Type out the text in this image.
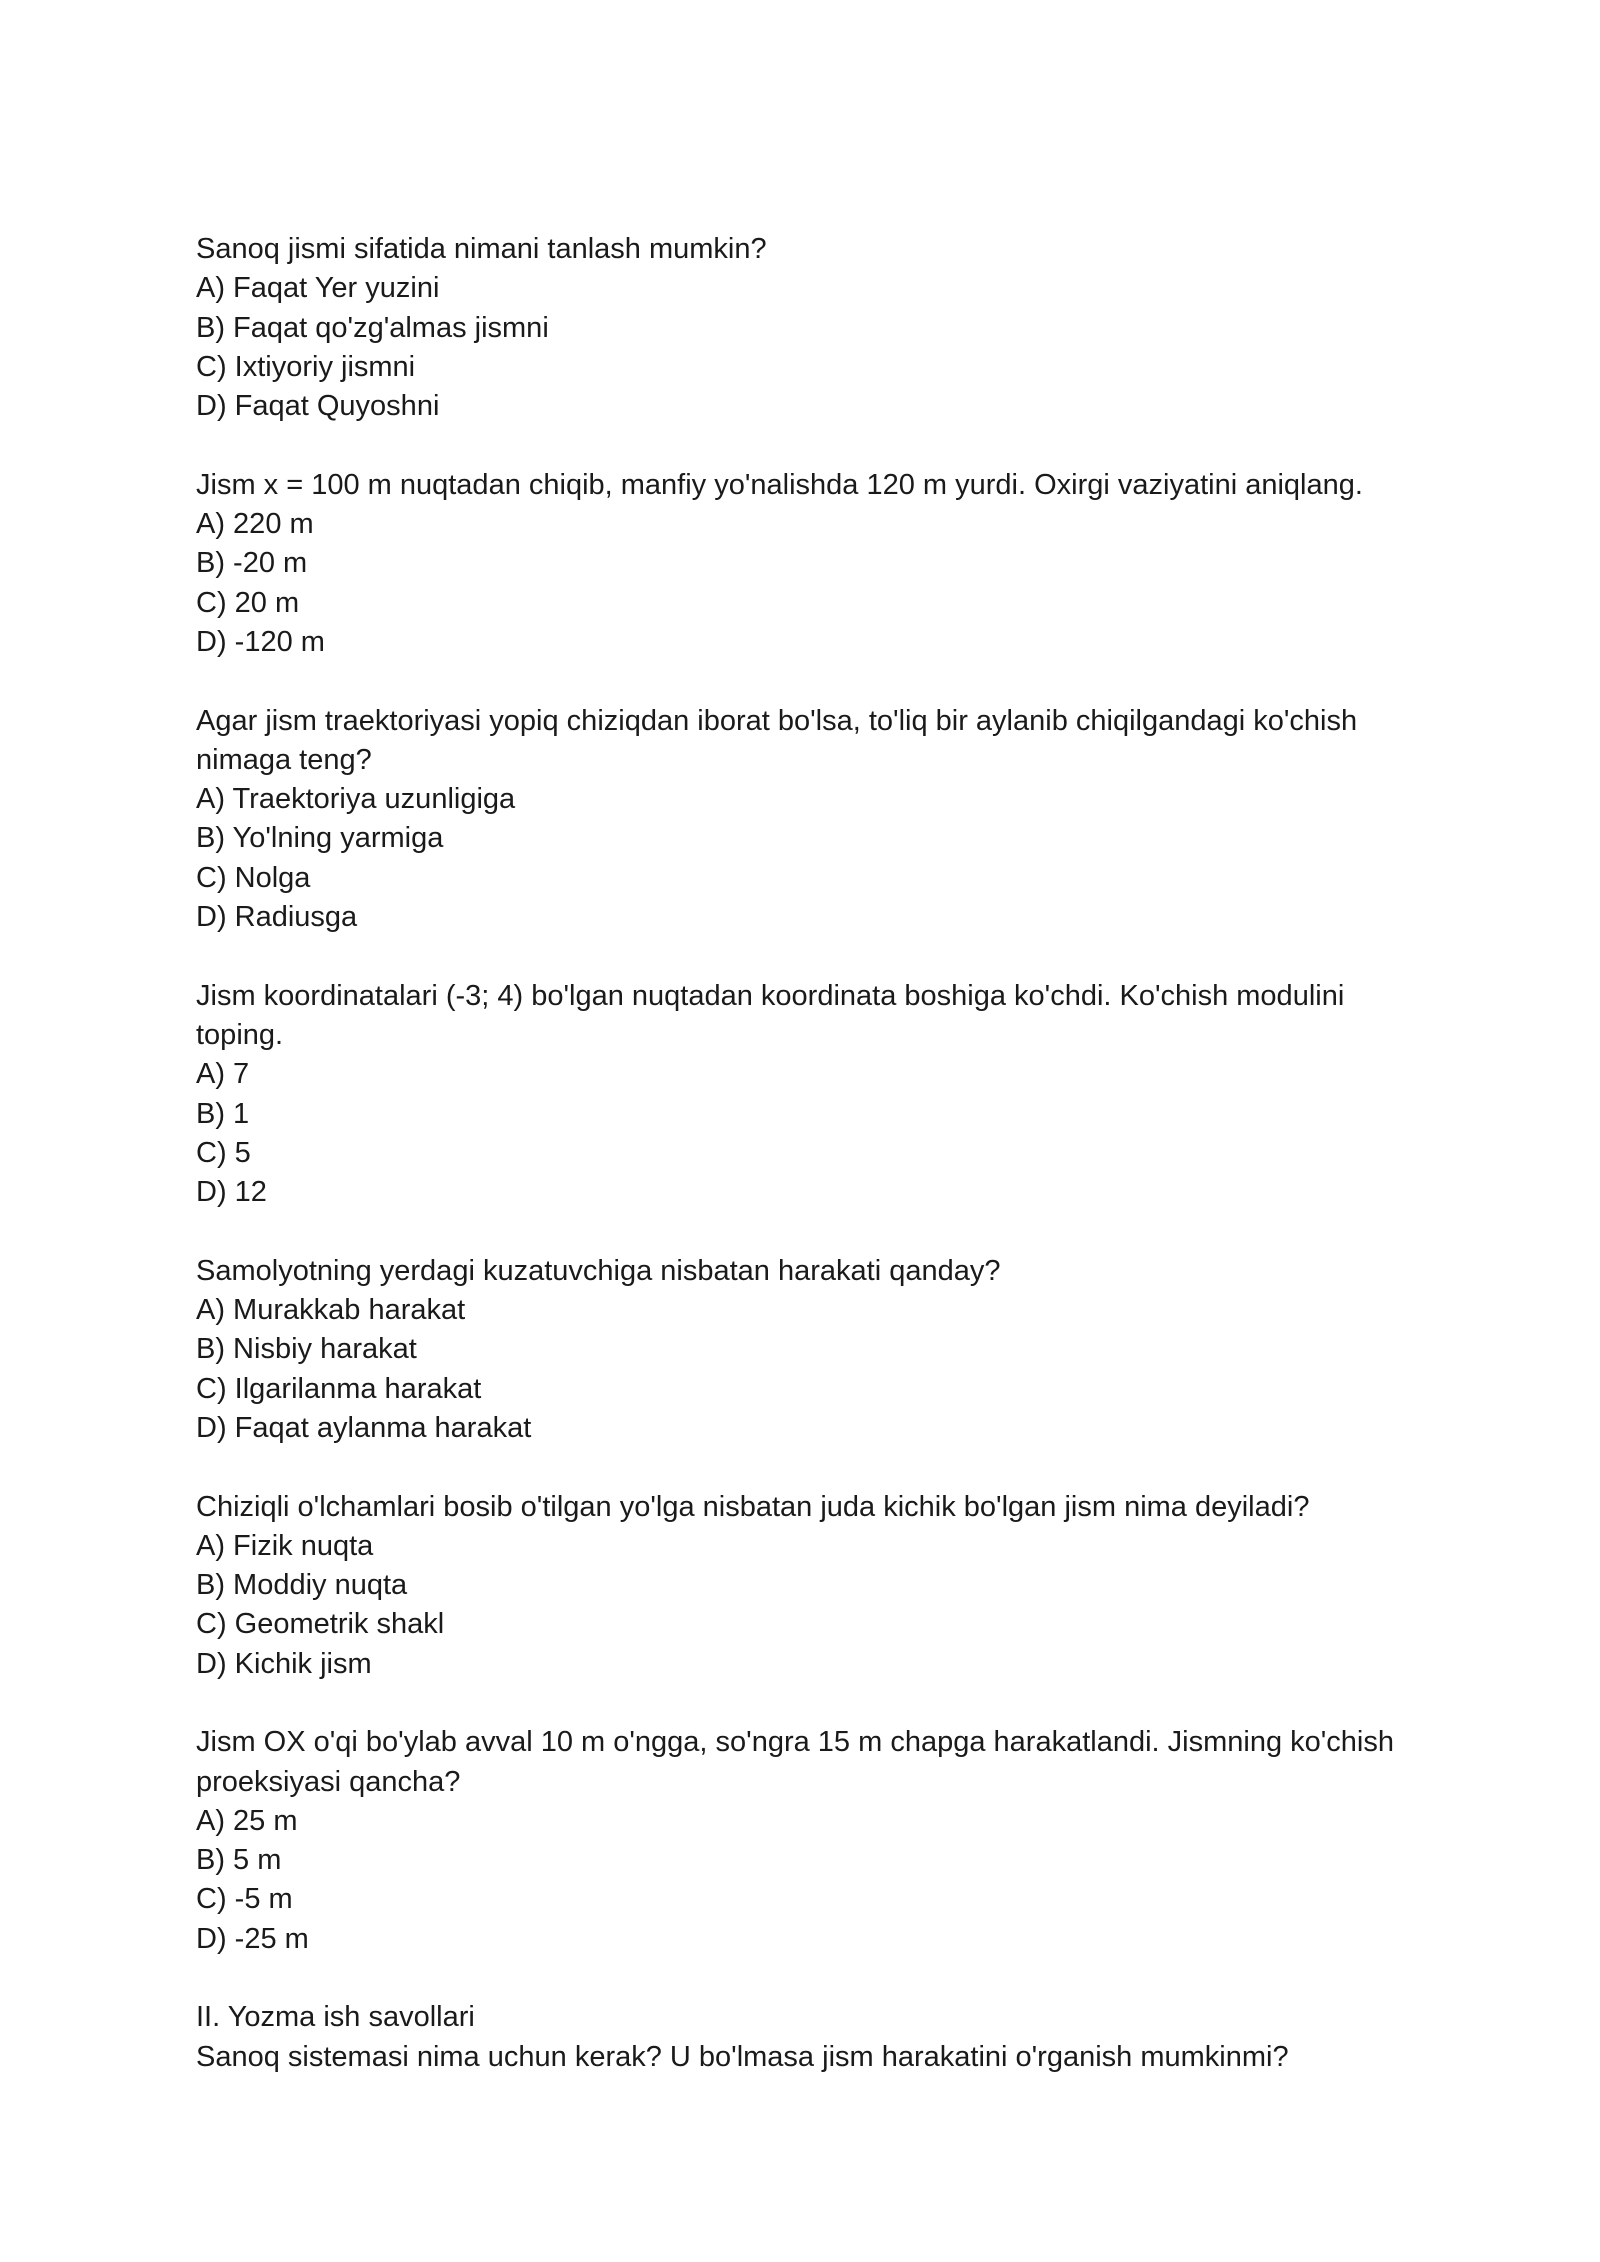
Sanoq jismi sifatida nimani tanlash mumkin?
A) Faqat Yer yuzini
B) Faqat qo'zg'almas jismni
C) Ixtiyoriy jismni
D) Faqat Quyoshni
Jism x = 100 m nuqtadan chiqib, manfiy yo'nalishda 120 m yurdi. Oxirgi vaziyatini aniqlang.
A) 220 m
B) -20 m
C) 20 m
D) -120 m
Agar jism traektoriyasi yopiq chiziqdan iborat bo'lsa, to'liq bir aylanib chiqilgandagi ko'chish nimaga teng?
A) Traektoriya uzunligiga
B) Yo'lning yarmiga
C) Nolga
D) Radiusga
Jism koordinatalari (-3; 4) bo'lgan nuqtadan koordinata boshiga ko'chdi. Ko'chish modulini toping.
A) 7
B) 1
C) 5
D) 12
Samolyotning yerdagi kuzatuvchiga nisbatan harakati qanday?
A) Murakkab harakat
B) Nisbiy harakat
C) Ilgarilanma harakat
D) Faqat aylanma harakat
Chiziqli o'lchamlari bosib o'tilgan yo'lga nisbatan juda kichik bo'lgan jism nima deyiladi?
A) Fizik nuqta
B) Moddiy nuqta
C) Geometrik shakl
D) Kichik jism
Jism OX o'qi bo'ylab avval 10 m o'ngga, so'ngra 15 m chapga harakatlandi. Jismning ko'chish proeksiyasi qancha?
A) 25 m
B) 5 m
C) -5 m
D) -25 m
II. Yozma ish savollari
Sanoq sistemasi nima uchun kerak? U bo'lmasa jism harakatini o'rganish mumkinmi?
